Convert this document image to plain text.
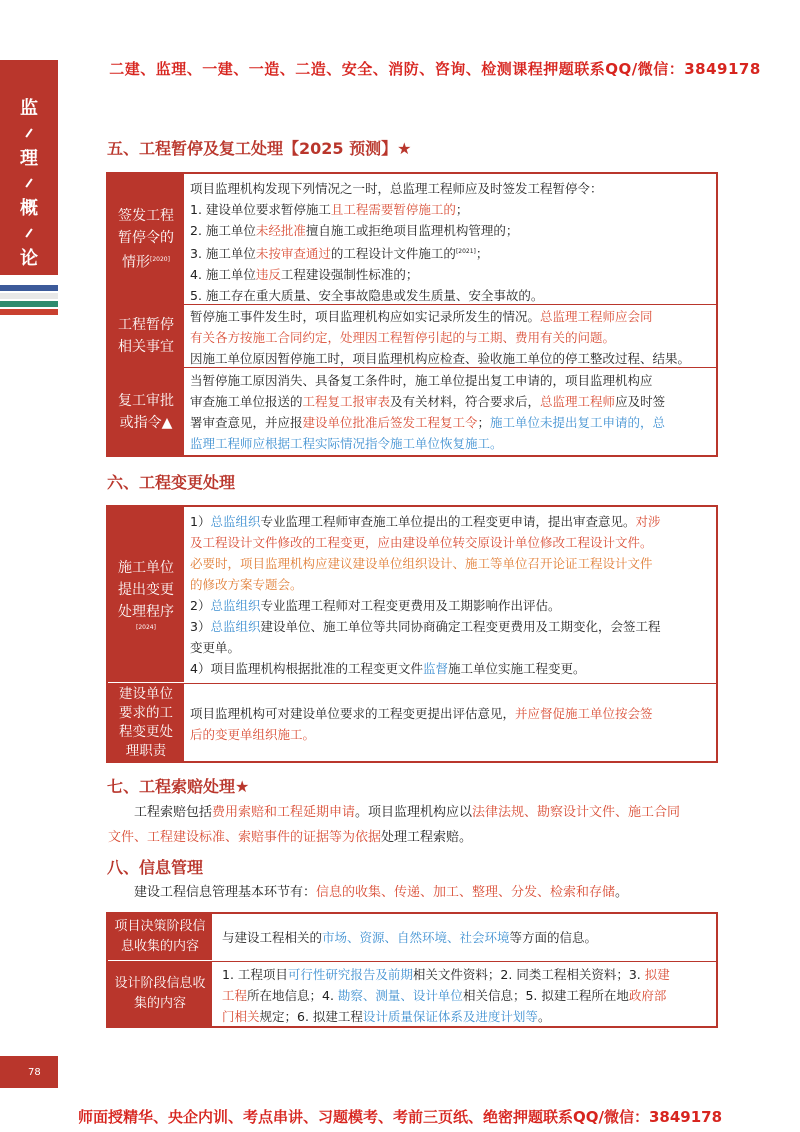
二建、监理、一建、一造、二造、安全、消防、咨询、检测课程押题联系QQ/微信：3849178
监
理
概
论
五、工程暂停及复工处理【2025 预测】★
签发工程
暂停令的
情形[2020]
项目监理机构发现下列情况之一时，总监理工程师应及时签发工程暂停令：
1. 建设单位要求暂停施工且工程需要暂停施工的；
2. 施工单位未经批准擅自施工或拒绝项目监理机构管理的；
3. 施工单位未按审查通过的工程设计文件施工的[2021]；
4. 施工单位违反工程建设强制性标准的；
5. 施工存在重大质量、安全事故隐患或发生质量、安全事故的。
工程暂停
相关事宜
暂停施工事件发生时，项目监理机构应如实记录所发生的情况。总监理工程师应会同
有关各方按施工合同约定，处理因工程暂停引起的与工期、费用有关的问题。
因施工单位原因暂停施工时，项目监理机构应检查、验收施工单位的停工整改过程、结果。
复工审批
或指令▲
当暂停施工原因消失、具备复工条件时，施工单位提出复工申请的，项目监理机构应
审查施工单位报送的工程复工报审表及有关材料，符合要求后，总监理工程师应及时签
署审查意见，并应报建设单位批准后签发工程复工令；施工单位未提出复工申请的，总
监理工程师应根据工程实际情况指令施工单位恢复施工。
六、工程变更处理
施工单位
提出变更
处理程序
[2024]
1）总监组织专业监理工程师审查施工单位提出的工程变更申请，提出审查意见。对涉
及工程设计文件修改的工程变更，应由建设单位转交原设计单位修改工程设计文件。
必要时，项目监理机构应建议建设单位组织设计、施工等单位召开论证工程设计文件
的修改方案专题会。
2）总监组织专业监理工程师对工程变更费用及工期影响作出评估。
3）总监组织建设单位、施工单位等共同协商确定工程变更费用及工期变化，会签工程
变更单。
4）项目监理机构根据批准的工程变更文件监督施工单位实施工程变更。
建设单位
要求的工
程变更处
理职责
项目监理机构可对建设单位要求的工程变更提出评估意见，并应督促施工单位按会签
后的变更单组织施工。
七、工程索赔处理★
工程索赔包括费用索赔和工程延期申请。项目监理机构应以法律法规、勘察设计文件、施工合同
文件、工程建设标准、索赔事件的证据等为依据处理工程索赔。
八、信息管理
建设工程信息管理基本环节有：信息的收集、传递、加工、整理、分发、检索和存储。
项目决策阶段信
息收集的内容
与建设工程相关的市场、资源、自然环境、社会环境等方面的信息。
设计阶段信息收
集的内容
1. 工程项目可行性研究报告及前期相关文件资料；2. 同类工程相关资料；3. 拟建
工程所在地信息；4. 勘察、测量、设计单位相关信息；5. 拟建工程所在地政府部
门相关规定；6. 拟建工程设计质量保证体系及进度计划等。
78
师面授精华、央企内训、考点串讲、习题模考、考前三页纸、绝密押题联系QQ/微信：3849178
